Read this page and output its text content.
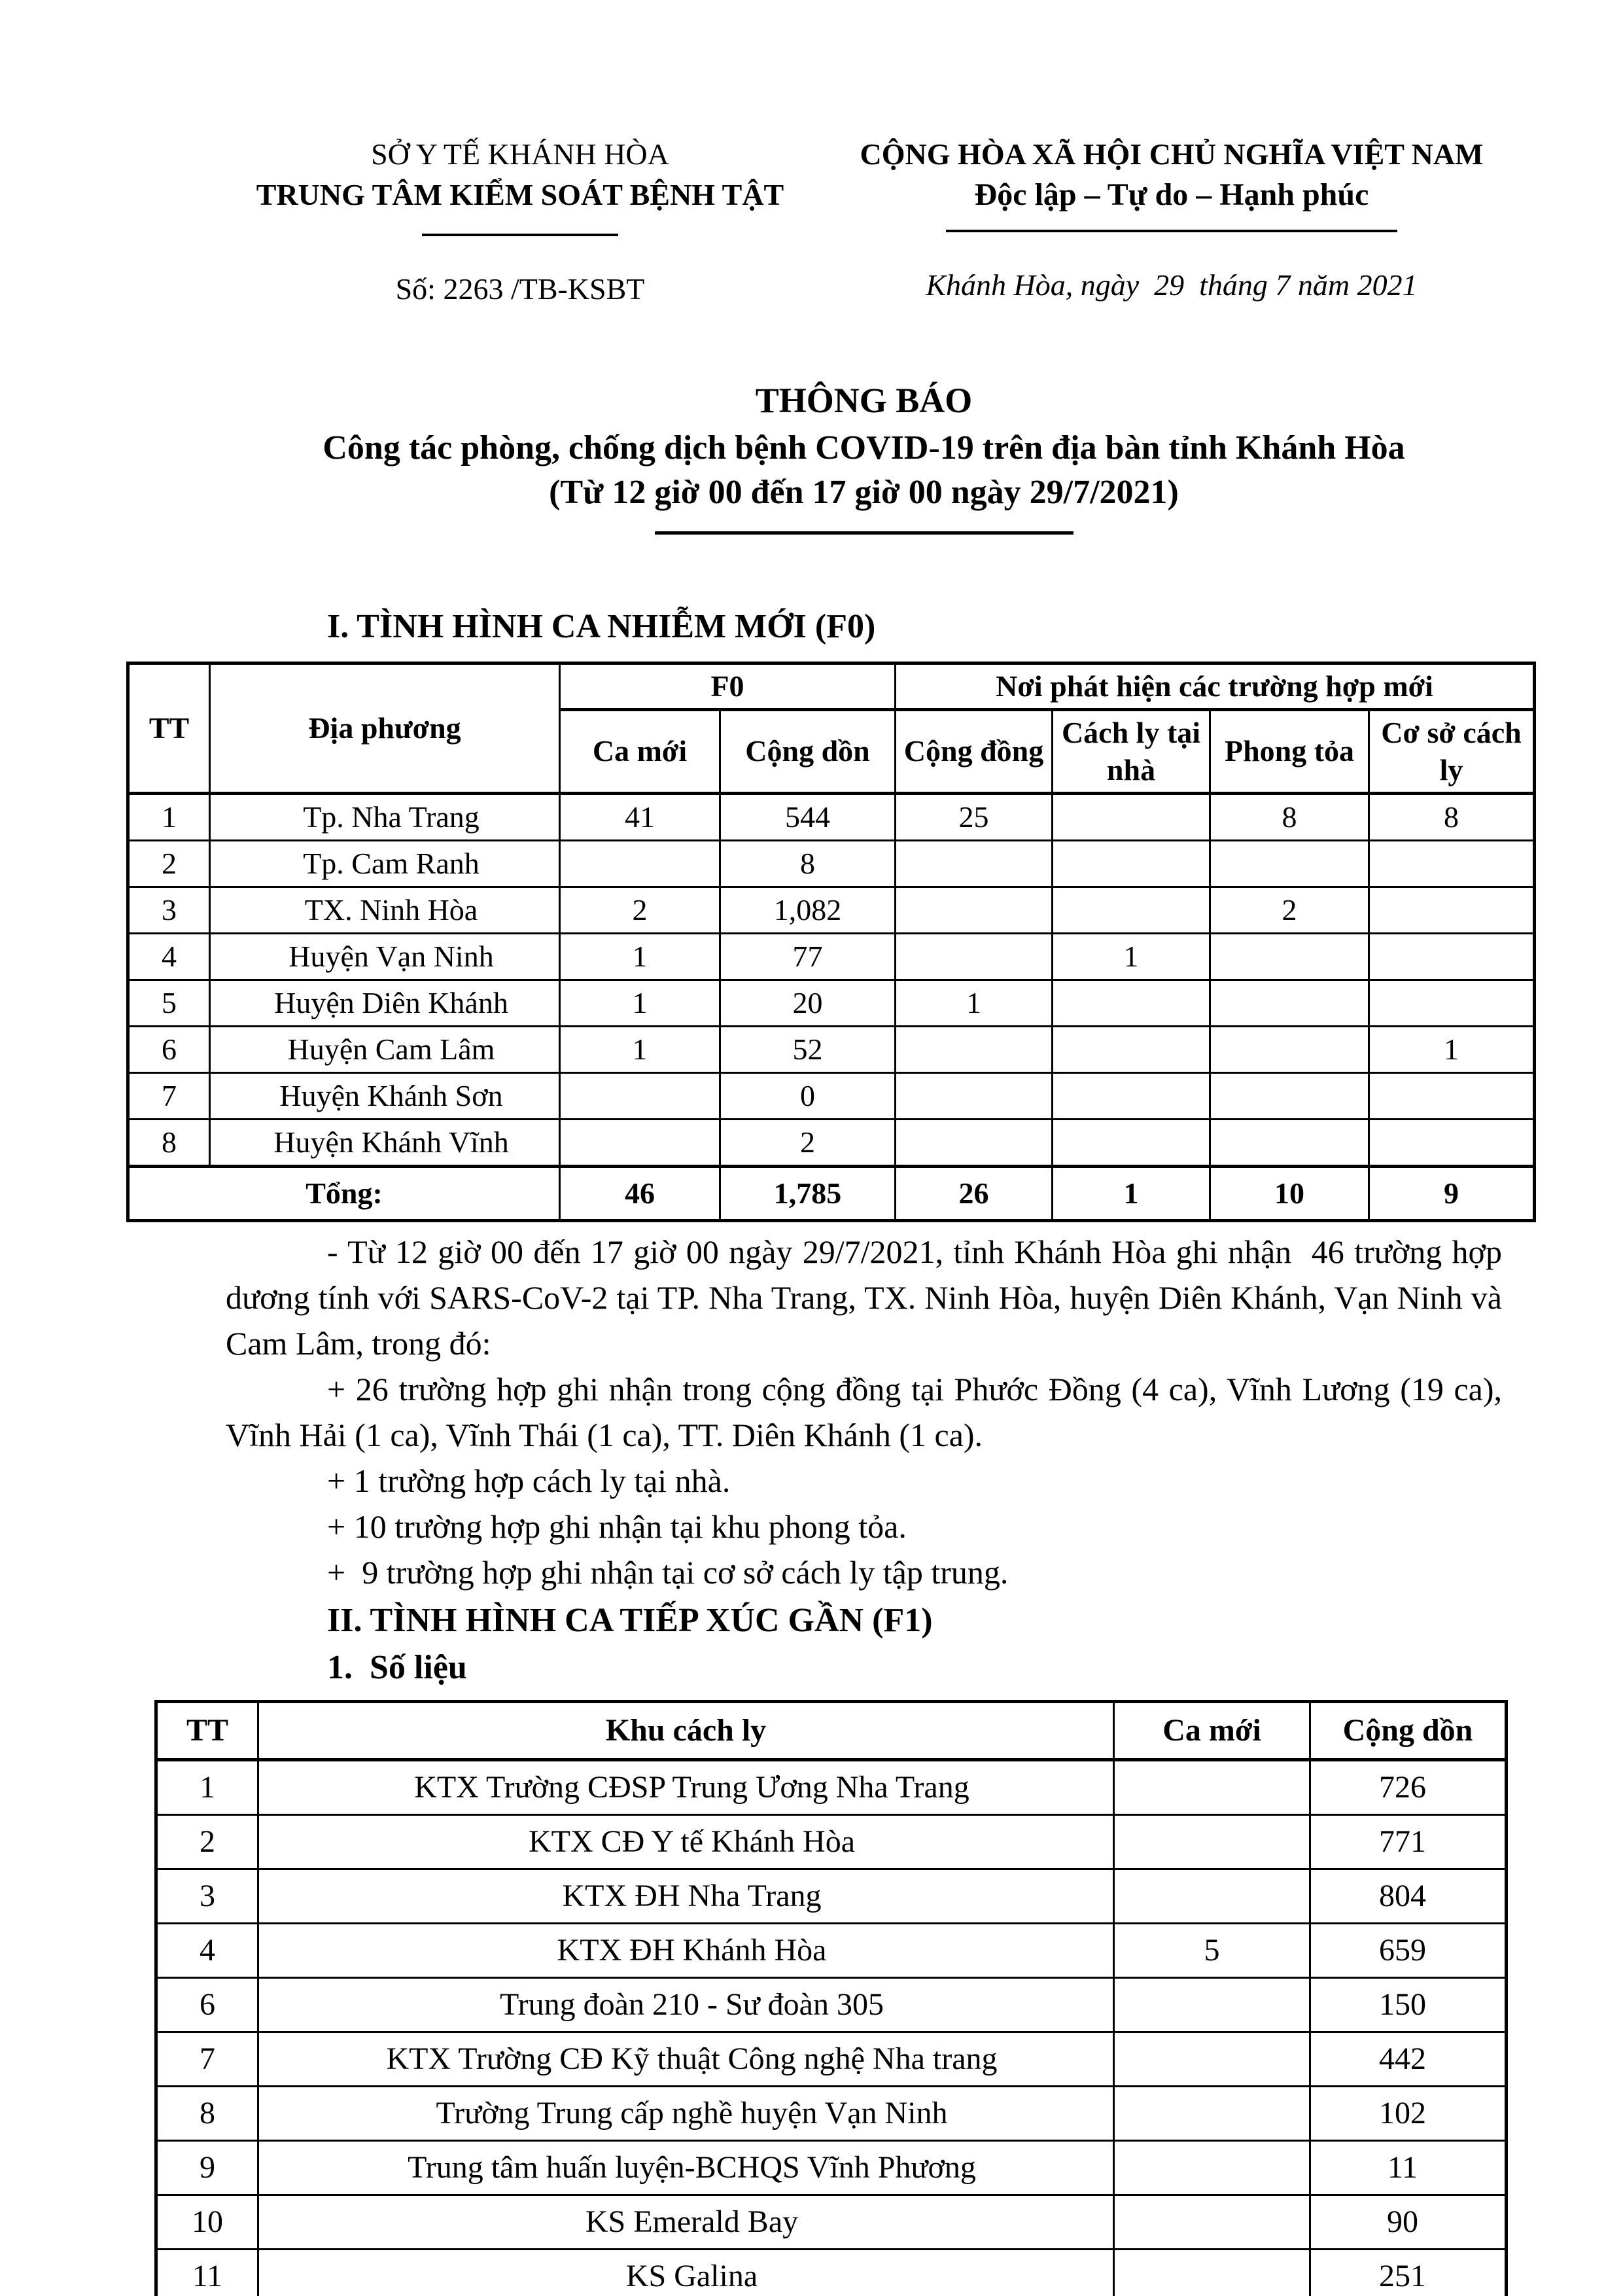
SỞ Y TẾ KHÁNH HÒA
TRUNG TÂM KIỂM SOÁT BỆNH TẬT
Số: 2263 /TB-KSBT
CỘNG HÒA XÃ HỘI CHỦ NGHĨA VIỆT NAM
Độc lập – Tự do – Hạnh phúc
Khánh Hòa, ngày  29  tháng 7 năm 2021
THÔNG BÁO
Công tác phòng, chống dịch bệnh COVID-19 trên địa bàn tỉnh Khánh Hòa
(Từ 12 giờ 00 đến 17 giờ 00 ngày 29/7/2021)
I. TÌNH HÌNH CA NHIỄM MỚI (F0)
TT	Địa phương	F0		Nơi phát hiện các trường hợp mới			
		Ca mới	Cộng dồn	Cộng đồng	Cách ly tại nhà	Phong tỏa	Cơ sở cách ly
1	Tp. Nha Trang	41	544	25		8	8
2	Tp. Cam Ranh		8				
3	TX. Ninh Hòa	2	1,082			2	
4	Huyện Vạn Ninh	1	77		1		
5	Huyện Diên Khánh	1	20	1			
6	Huyện Cam Lâm	1	52				1
7	Huyện Khánh Sơn		0				
8	Huyện Khánh Vĩnh		2				
Tổng:		46	1,785	26	1	10	9
- Từ 12 giờ 00 đến 17 giờ 00 ngày 29/7/2021, tỉnh Khánh Hòa ghi nhận  46 trường hợp dương tính với SARS-CoV-2 tại TP. Nha Trang, TX. Ninh Hòa, huyện Diên Khánh, Vạn Ninh và Cam Lâm, trong đó:
+ 26 trường hợp ghi nhận trong cộng đồng tại Phước Đồng (4 ca), Vĩnh Lương (19 ca), Vĩnh Hải (1 ca), Vĩnh Thái (1 ca), TT. Diên Khánh (1 ca).
+ 1 trường hợp cách ly tại nhà.
+ 10 trường hợp ghi nhận tại khu phong tỏa.
+  9 trường hợp ghi nhận tại cơ sở cách ly tập trung.
II. TÌNH HÌNH CA TIẾP XÚC GẦN (F1)
1.  Số liệu
TT	Khu cách ly	Ca mới	Cộng dồn
1	KTX Trường CĐSP Trung Ương Nha Trang		726
2	KTX CĐ Y tế Khánh Hòa		771
3	KTX ĐH Nha Trang		804
4	KTX ĐH Khánh Hòa	5	659
6	Trung đoàn 210 - Sư đoàn 305		150
7	KTX Trường CĐ Kỹ thuật Công nghệ Nha trang		442
8	Trường Trung cấp nghề huyện Vạn Ninh		102
9	Trung tâm huấn luyện-BCHQS Vĩnh Phương		11
10	KS Emerald Bay		90
11	KS Galina		251
